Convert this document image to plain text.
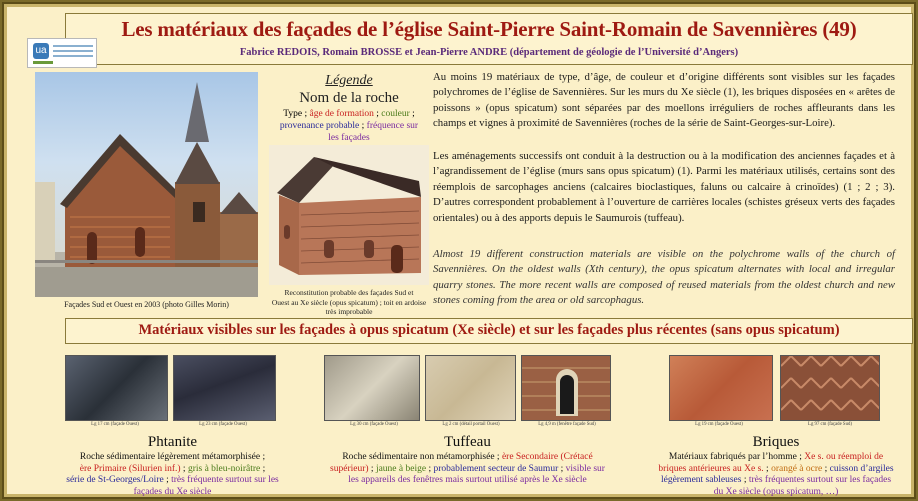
Les matériaux des façades de l’église Saint-Pierre Saint-Romain de Savennières (49)
Fabrice REDOIS, Romain BROSSE et Jean-Pierre ANDRE (département de géologie de l’Université d’Angers)
ua
Façades Sud et Ouest en 2003 (photo Gilles Morin)
Légende
Nom de la roche
Type ; âge de formation ; couleur ;
provenance probable ; fréquence sur
les façades
Reconstitution probable des façades Sud et
Ouest au Xe siècle (opus spicatum) ; toit en ardoise très improbable
Au moins 19 matériaux de type, d’âge, de couleur et d’origine différents sont visibles sur les façades polychromes de l’église de Savennières. Sur les murs du Xe siècle (1), les briques disposées en « arêtes de poissons » (opus spicatum) sont séparées par des moellons irréguliers de roches affleurants dans les champs et vignes à proximité de Savennières (roches de la série de Saint-Georges-sur-Loire).
Les aménagements successifs ont conduit à la destruction ou à la modification des anciennes façades et à l’agrandissement de l’église (murs sans opus spicatum) (1). Parmi les matériaux utilisés, certains sont des réemplois de sarcophages anciens (calcaires bioclastiques, faluns ou calcaire à crinoïdes) (1 ; 2 ; 3). D’autres correspondent probablement à l’ouverture de carrières locales (schistes gréseux verts des façades orientales) ou à des apports depuis le Saumurois (tuffeau).
Almost 19 different construction materials are visible on the polychrome walls of the church of Savennières. On the oldest walls (Xth century), the opus spicatum alternates with local and irregular quarry stones. The more recent walls are composed of reused materials from the oldest church and new stones coming from the area or old sarcophagus.
Matériaux visibles sur les façades à opus spicatum (Xe siècle) et sur les façades plus récentes (sans opus spicatum)
Lg 17 cm (façade Ouest)	Lg 23 cm (façade Ouest)
Phtanite
Roche sédimentaire légèrement métamorphisée ;
ère Primaire (Silurien inf.) ; gris à bleu-noirâtre ;
série de St-Georges/Loire ; très fréquente surtout sur les façades du Xe siècle
Lg 30 cm (façade Ouest)	Lg 2 cm (détail portail Ouest)	Lg 4,9 m (fenêtre façade Sud)
Tuffeau
Roche sédimentaire non métamorphisée ; ère Secondaire (Crétacé supérieur) ; jaune à beige ; probablement secteur de Saumur ; visible sur les appareils des fenêtres mais surtout utilisé après le Xe siècle
Lg 19 cm (façade Ouest)	Lg 97 cm (façade Sud)
Briques
Matériaux fabriqués par l’homme ; Xe s. ou réemploi de briques antérieures au Xe s. ; orangé à ocre ; cuisson d’argiles légèrement sableuses ; très fréquentes surtout sur les façades du Xe siècle (opus spicatum, …)
